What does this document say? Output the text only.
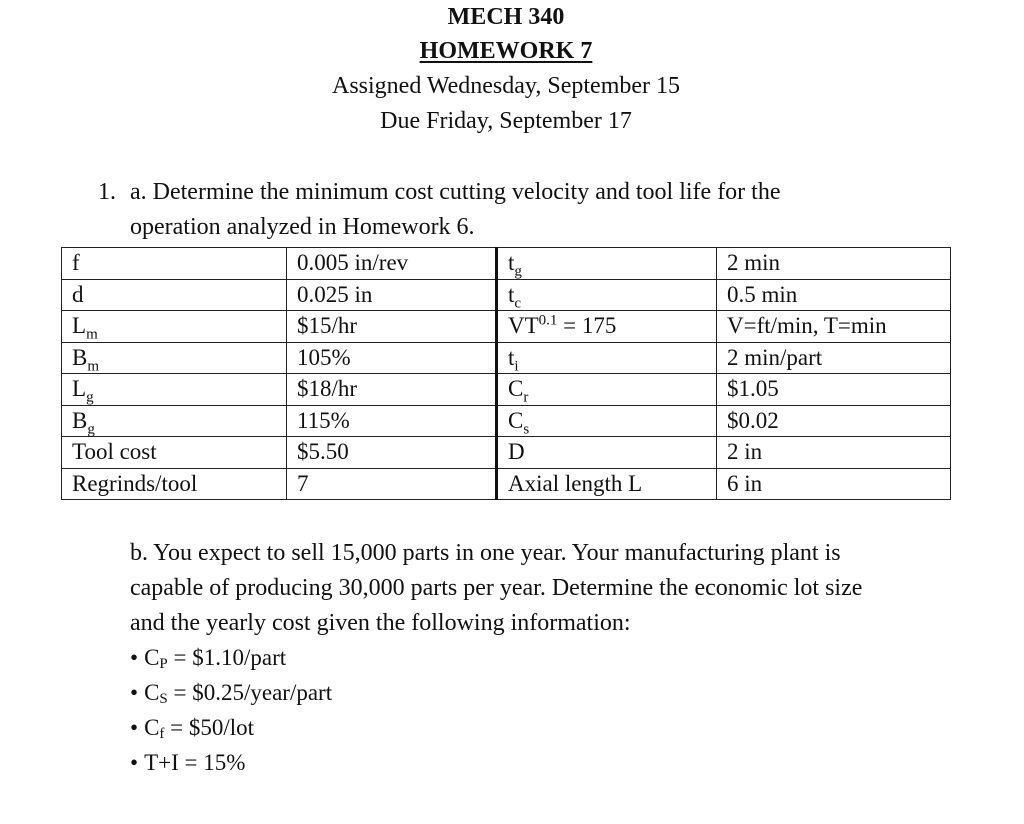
MECH 340
HOMEWORK 7
Assigned Wednesday, September 15
Due Friday, September 17
1. a. Determine the minimum cost cutting velocity and tool life for the
operation analyzed in Homework 6.
f	0.005 in/rev	$t_g$	2 min
d	0.025 in	$t_c$	0.5 min
$L_m$	$15/hr	$VT^{0.1} = 175$	V=ft/min, T=min
$B_m$	105%	$t_i$	2 min/part
$L_g$	$18/hr	$C_r$	$1.05
$B_g$	115%	$C_s$	$0.02
Tool cost	$5.50	D	2 in
Regrinds/tool	7	Axial length L	6 in
b. You expect to sell 15,000 parts in one year. Your manufacturing plant is
capable of producing 30,000 parts per year. Determine the economic lot size
and the yearly cost given the following information:
• CP = $1.10/part
• CS = $0.25/year/part
• Cf = $50/lot
• T+I = 15%
